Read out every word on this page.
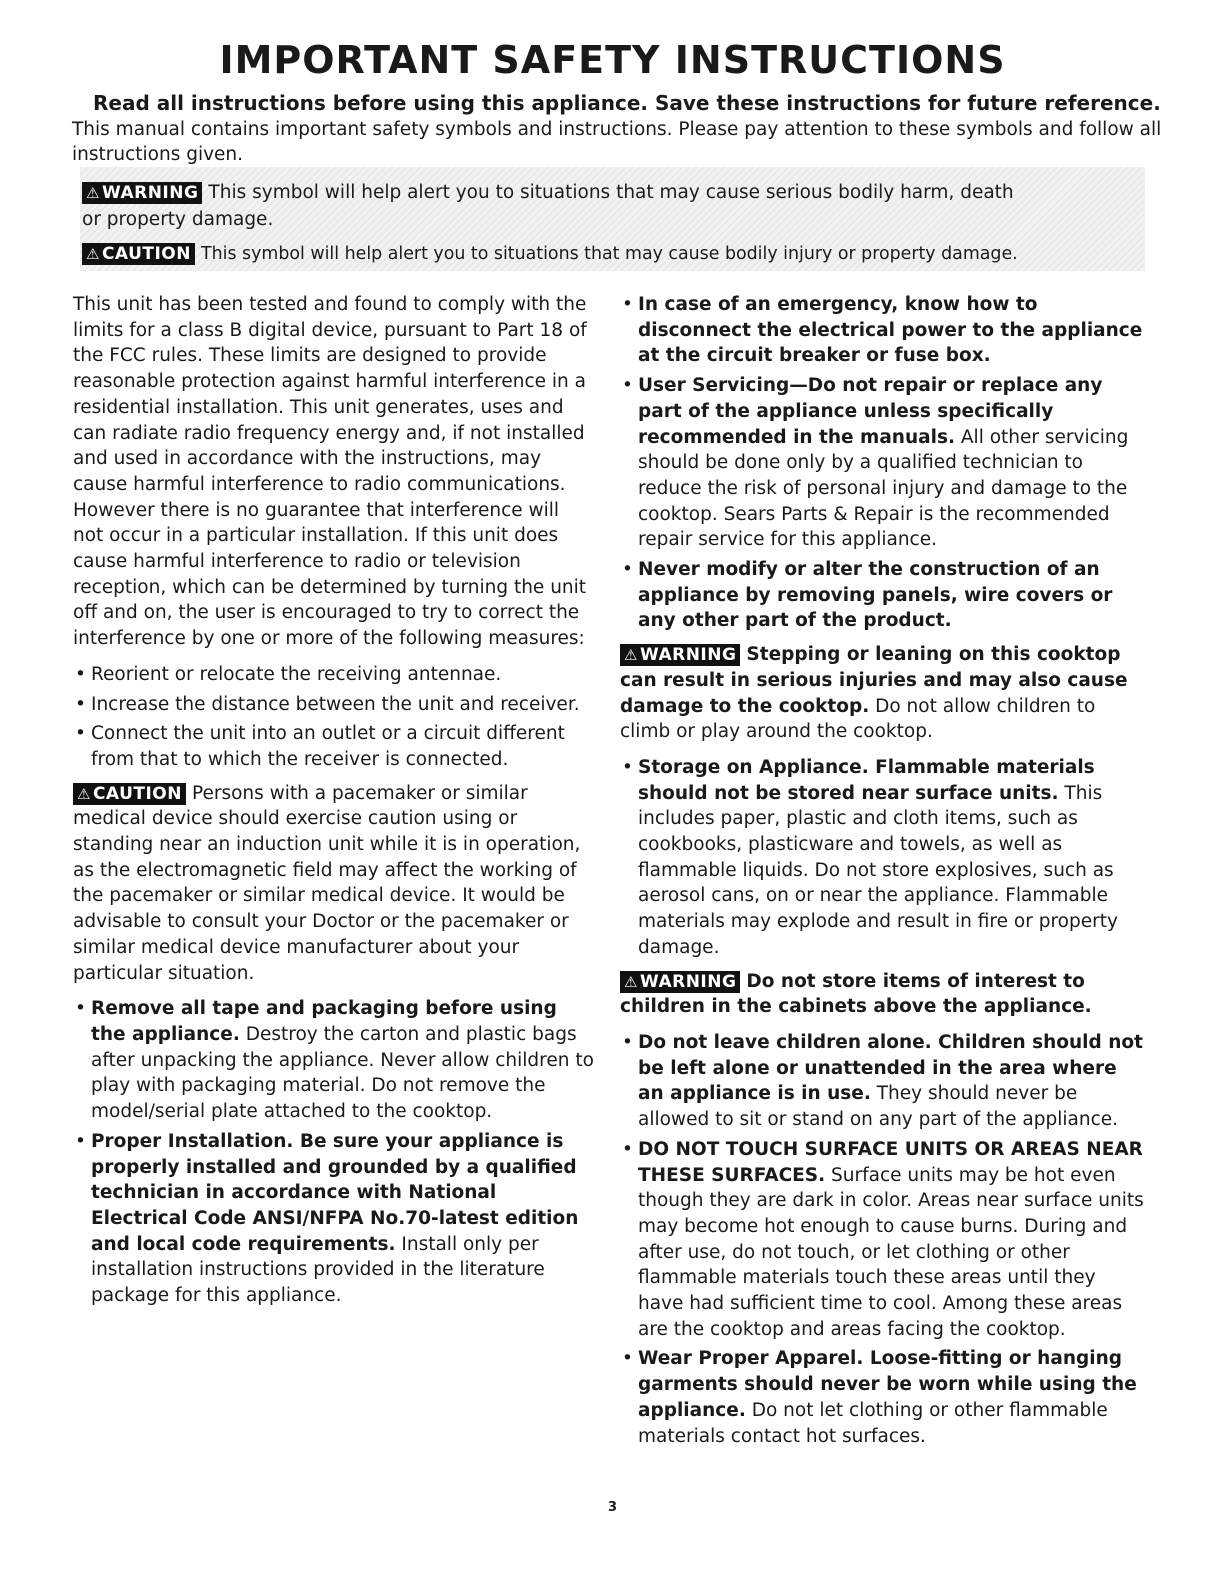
IMPORTANT SAFETY INSTRUCTIONS
Read all instructions before using this appliance. Save these instructions for future reference.
This manual contains important safety symbols and instructions. Please pay attention to these symbols and follow all instructions given.
⚠ WARNING This symbol will help alert you to situations that may cause serious bodily harm, death
or property damage.
⚠ CAUTION This symbol will help alert you to situations that may cause bodily injury or property damage.

This unit has been tested and found to comply with the limits for a class B digital device, pursuant to Part 18 of the FCC rules. These limits are designed to provide reasonable protection against harmful interference in a residential installation. This unit generates, uses and can radiate radio frequency energy and, if not installed and used in accordance with the instructions, may cause harmful interference to radio communications. However there is no guarantee that interference will not occur in a particular installation. If this unit does cause harmful interference to radio or television reception, which can be determined by turning the unit off and on, the user is encouraged to try to correct the interference by one or more of the following measures:

• Reorient or relocate the receiving antennae.
• Increase the distance between the unit and receiver.
• Connect the unit into an outlet or a circuit different from that to which the receiver is connected.

⚠ CAUTION Persons with a pacemaker or similar medical device should exercise caution using or standing near an induction unit while it is in operation, as the electromagnetic field may affect the working of the pacemaker or similar medical device. It would be advisable to consult your Doctor or the pacemaker or similar medical device manufacturer about your particular situation.

• Remove all tape and packaging before using the appliance. Destroy the carton and plastic bags after unpacking the appliance. Never allow children to play with packaging material. Do not remove the model/serial plate attached to the cooktop.
• Proper Installation. Be sure your appliance is properly installed and grounded by a qualified technician in accordance with National Electrical Code ANSI/NFPA No.70-latest edition and local code requirements. Install only per installation instructions provided in the literature package for this appliance.
• In case of an emergency, know how to disconnect the electrical power to the appliance at the circuit breaker or fuse box.
• User Servicing—Do not repair or replace any part of the appliance unless specifically recommended in the manuals. All other servicing should be done only by a qualified technician to reduce the risk of personal injury and damage to the cooktop. Sears Parts & Repair is the recommended repair service for this appliance.
• Never modify or alter the construction of an appliance by removing panels, wire covers or any other part of the product.

⚠ WARNING Stepping or leaning on this cooktop can result in serious injuries and may also cause damage to the cooktop. Do not allow children to climb or play around the cooktop.

• Storage on Appliance. Flammable materials should not be stored near surface units. This includes paper, plastic and cloth items, such as cookbooks, plasticware and towels, as well as flammable liquids. Do not store explosives, such as aerosol cans, on or near the appliance. Flammable materials may explode and result in fire or property damage.

⚠ WARNING Do not store items of interest to children in the cabinets above the appliance.

• Do not leave children alone. Children should not be left alone or unattended in the area where an appliance is in use. They should never be allowed to sit or stand on any part of the appliance.
• DO NOT TOUCH SURFACE UNITS OR AREAS NEAR THESE SURFACES. Surface units may be hot even though they are dark in color. Areas near surface units may become hot enough to cause burns. During and after use, do not touch, or let clothing or other flammable materials touch these areas until they have had sufficient time to cool. Among these areas are the cooktop and areas facing the cooktop.
• Wear Proper Apparel. Loose-fitting or hanging garments should never be worn while using the appliance. Do not let clothing or other flammable materials contact hot surfaces.
3
